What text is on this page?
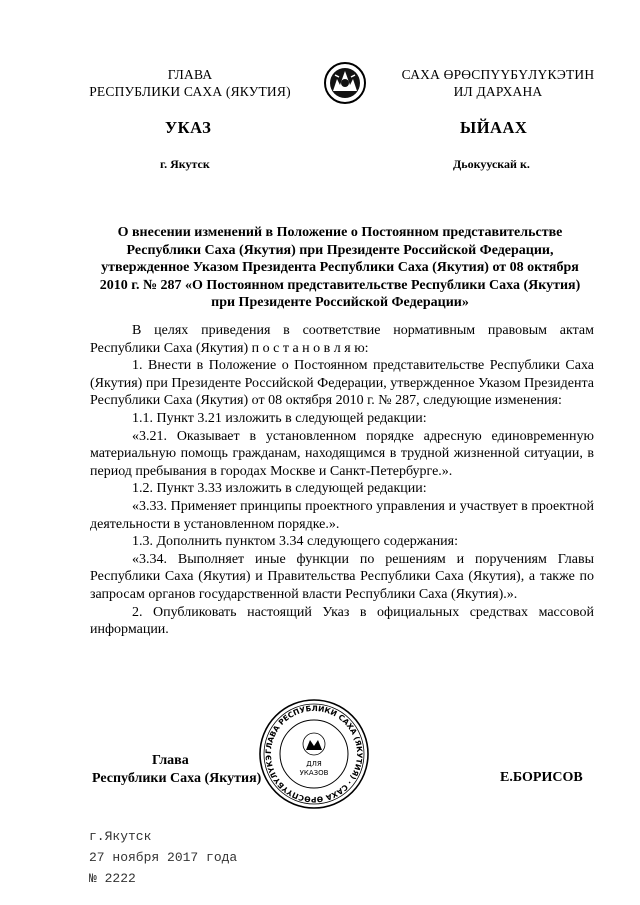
ГЛАВА
РЕСПУБЛИКИ САХА (ЯКУТИЯ)
САХА ӨРӨСПҮҮБҮЛҮКЭТИН
ИЛ ДАРХАНА
УКАЗ	ЫЙААХ
г. Якутск	Дьокуускай к.
О внесении изменений в Положение о Постоянном представительстве Республики Саха (Якутия) при Президенте Российской Федерации, утвержденное Указом Президента Республики Саха (Якутия) от 08 октября 2010 г. № 287 «О Постоянном представительстве Республики Саха (Якутия) при Президенте Российской Федерации»

В целях приведения в соответствие нормативным правовым актам Республики Саха (Якутия) п о с т а н о в л я ю:

1. Внести в Положение о Постоянном представительстве Республики Саха (Якутия) при Президенте Российской Федерации, утвержденное Указом Президента Республики Саха (Якутия) от 08 октября 2010 г. № 287, следующие изменения:

1.1. Пункт 3.21 изложить в следующей редакции:

«3.21. Оказывает в установленном порядке адресную единовременную материальную помощь гражданам, находящимся в трудной жизненной ситуации, в период пребывания в городах Москве и Санкт-Петербурге.».

1.2. Пункт 3.33 изложить в следующей редакции:

«3.33. Применяет принципы проектного управления и участвует в проектной деятельности в установленном порядке.».

1.3. Дополнить пунктом 3.34 следующего содержания:

«3.34. Выполняет иные функции по решениям и поручениям Главы Республики Саха (Якутия) и Правительства Республики Саха (Якутия), а также по запросам органов государственной власти Республики Саха (Якутия).».

2. Опубликовать настоящий Указ в официальных средствах массовой информации.

ГЛАВА РЕСПУБЛИКИ САХА (ЯКУТИЯ) · САХА ӨРӨСПҮҮБҮЛҮКЭ
ДЛЯ
УКАЗОВ
Глава
Республики Саха (Якутия)	Е.БОРИСОВ
г.Якутск
27 ноября 2017 года
№ 2222
